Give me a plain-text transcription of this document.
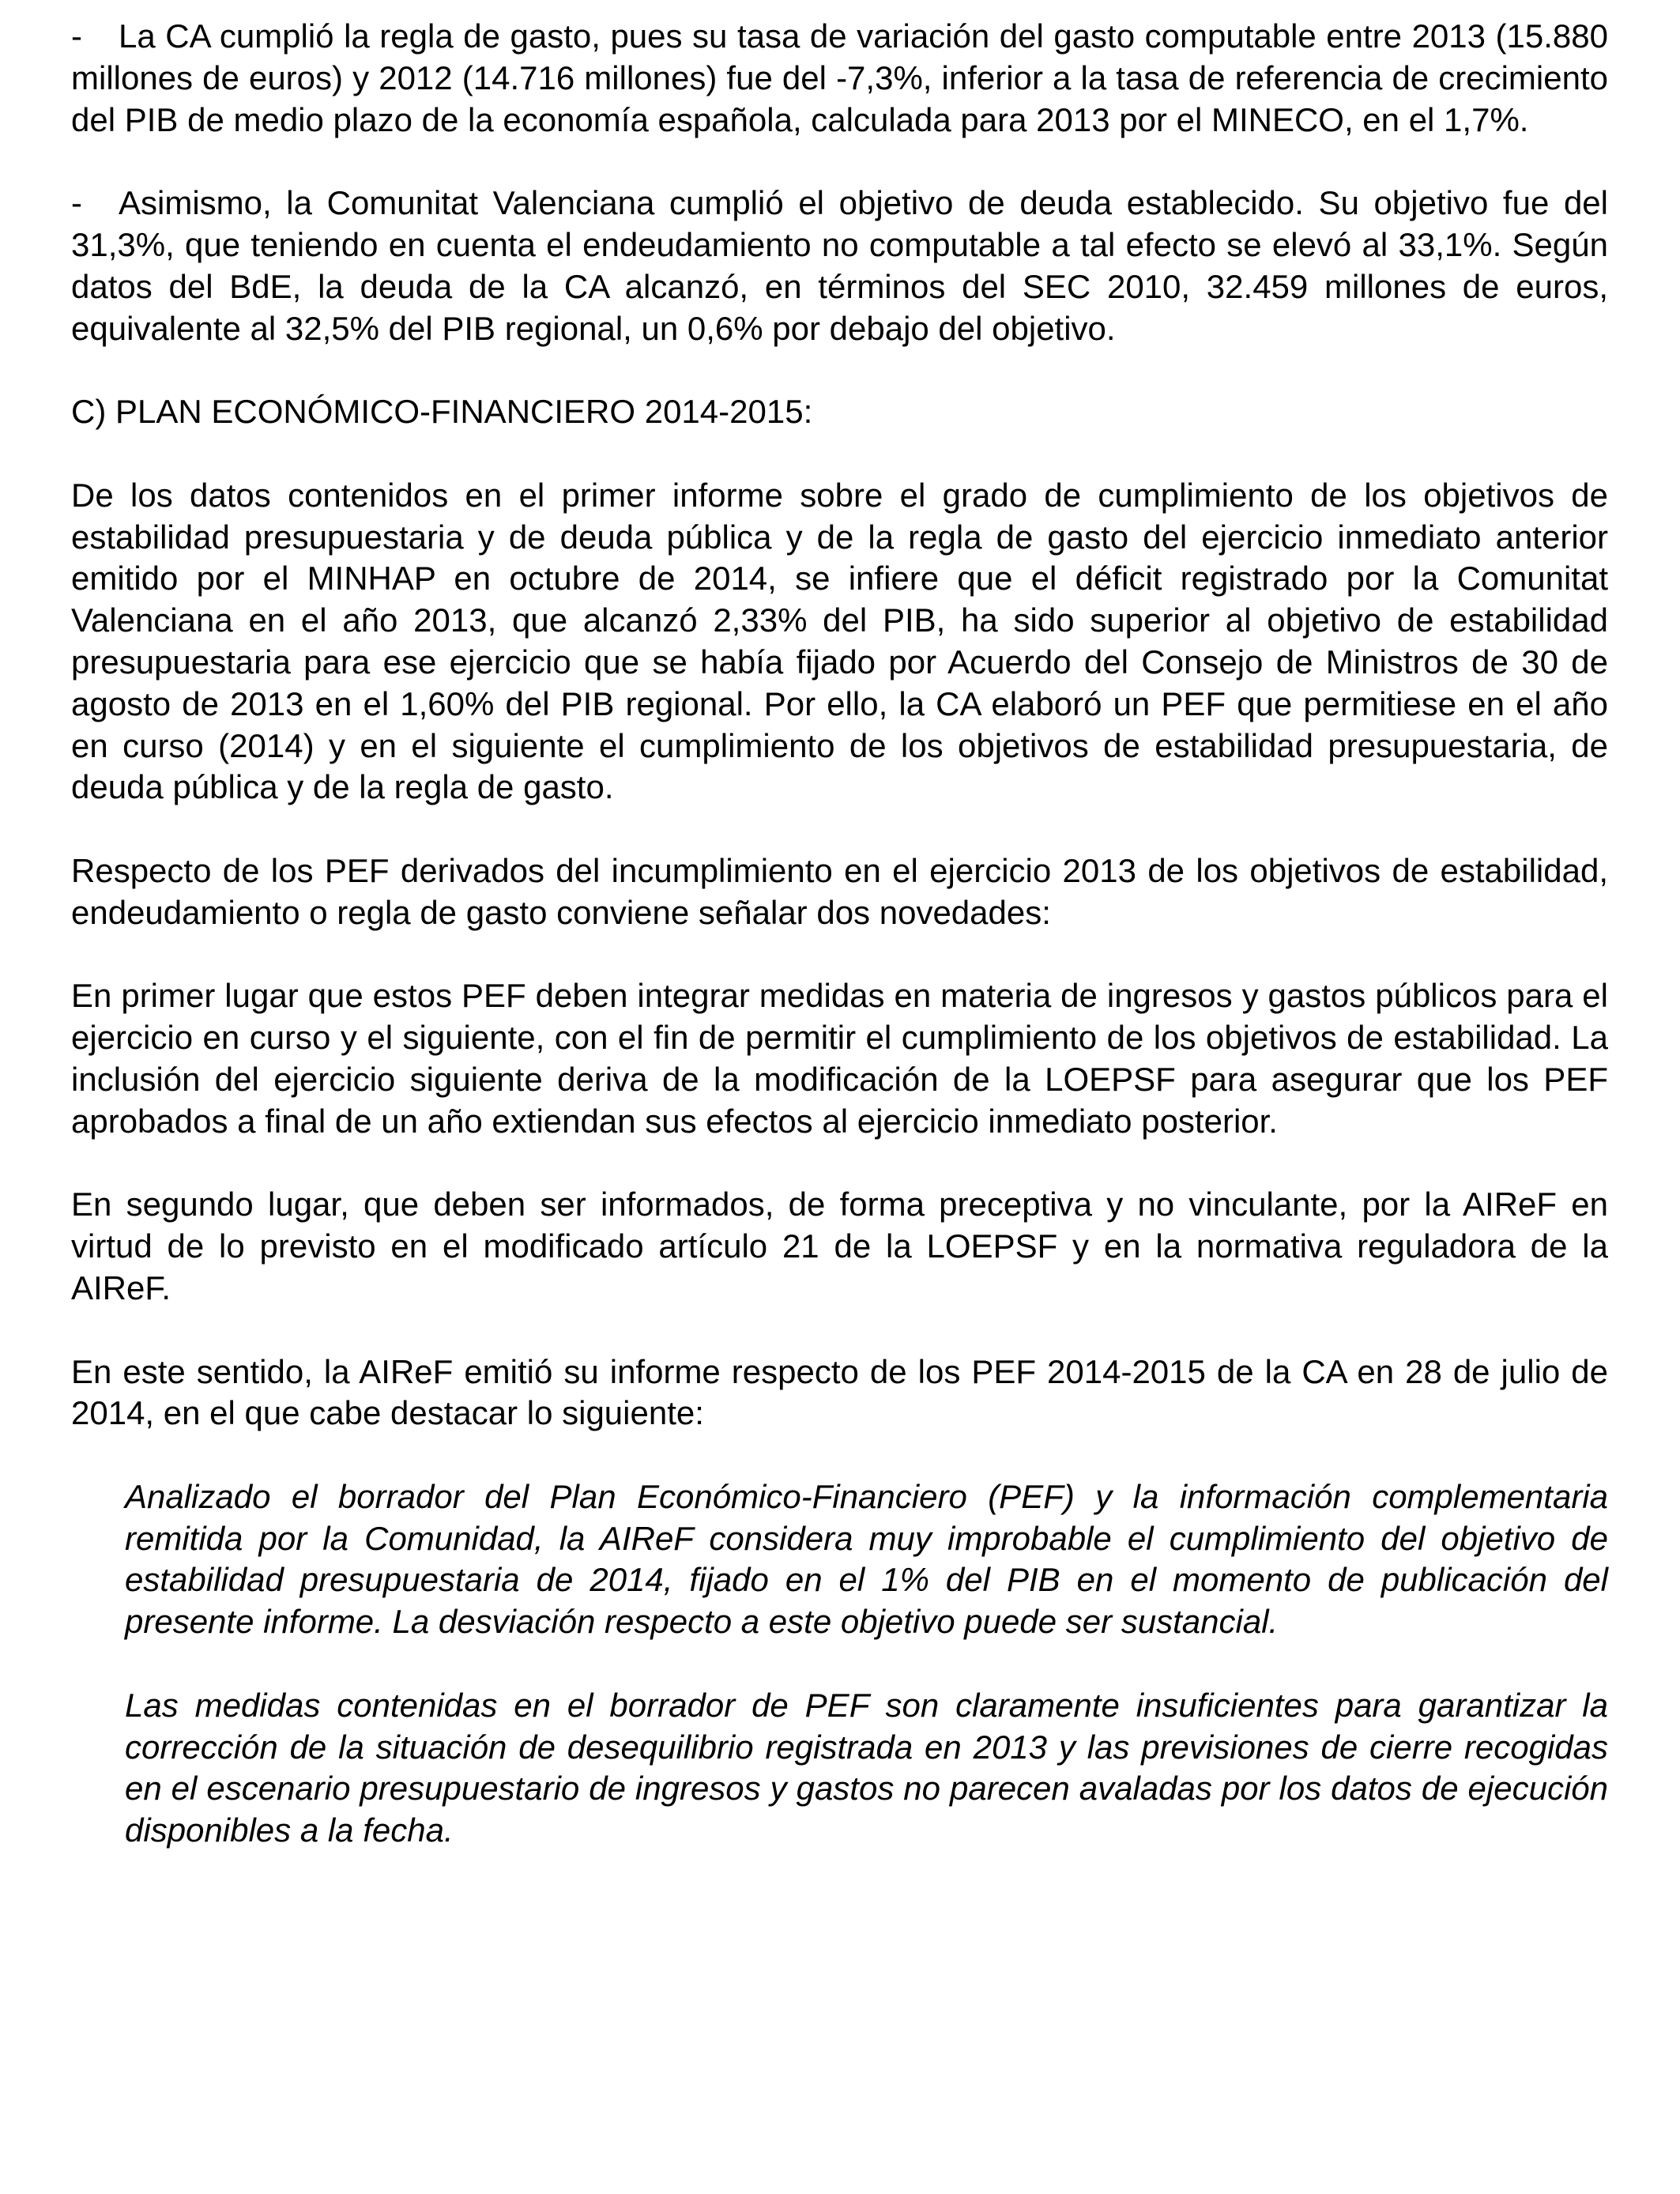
- La CA cumplió la regla de gasto, pues su tasa de variación del gasto computable entre 2013 (15.880 millones de euros) y 2012 (14.716 millones) fue del -7,3%, inferior a la tasa de referencia de crecimiento del PIB de medio plazo de la economía española, calculada para 2013 por el MINECO, en el 1,7%.

- Asimismo, la Comunitat Valenciana cumplió el objetivo de deuda establecido. Su objetivo fue del 31,3%, que teniendo en cuenta el endeudamiento no computable a tal efecto se elevó al 33,1%. Según datos del BdE, la deuda de la CA alcanzó, en términos del SEC 2010, 32.459 millones de euros, equivalente al 32,5% del PIB regional, un 0,6% por debajo del objetivo.

C) PLAN ECONÓMICO-FINANCIERO 2014-2015:

De los datos contenidos en el primer informe sobre el grado de cumplimiento de los objetivos de estabilidad presupuestaria y de deuda pública y de la regla de gasto del ejercicio inmediato anterior emitido por el MINHAP en octubre de 2014, se infiere que el déficit registrado por la Comunitat Valenciana en el año 2013, que alcanzó 2,33% del PIB, ha sido superior al objetivo de estabilidad presupuestaria para ese ejercicio que se había fijado por Acuerdo del Consejo de Ministros de 30 de agosto de 2013 en el 1,60% del PIB regional. Por ello, la CA elaboró un PEF que permitiese en el año en curso (2014) y en el siguiente el cumplimiento de los objetivos de estabilidad presupuestaria, de deuda pública y de la regla de gasto.

Respecto de los PEF derivados del incumplimiento en el ejercicio 2013 de los objetivos de estabilidad, endeudamiento o regla de gasto conviene señalar dos novedades:

En primer lugar que estos PEF deben integrar medidas en materia de ingresos y gastos públicos para el ejercicio en curso y el siguiente, con el fin de permitir el cumplimiento de los objetivos de estabilidad. La inclusión del ejercicio siguiente deriva de la modificación de la LOEPSF para asegurar que los PEF aprobados a final de un año extiendan sus efectos al ejercicio inmediato posterior.

En segundo lugar, que deben ser informados, de forma preceptiva y no vinculante, por la AIReF en virtud de lo previsto en el modificado artículo 21 de la LOEPSF y en la normativa reguladora de la AIReF.

En este sentido, la AIReF emitió su informe respecto de los PEF 2014-2015 de la CA en 28 de julio de 2014, en el que cabe destacar lo siguiente:

Analizado el borrador del Plan Económico-Financiero (PEF) y la información complementaria remitida por la Comunidad, la AIReF considera muy improbable el cumplimiento del objetivo de estabilidad presupuestaria de 2014, fijado en el 1% del PIB en el momento de publicación del presente informe. La desviación respecto a este objetivo puede ser sustancial.

Las medidas contenidas en el borrador de PEF son claramente insuficientes para garantizar la corrección de la situación de desequilibrio registrada en 2013 y las previsiones de cierre recogidas en el escenario presupuestario de ingresos y gastos no parecen avaladas por los datos de ejecución disponibles a la fecha.
